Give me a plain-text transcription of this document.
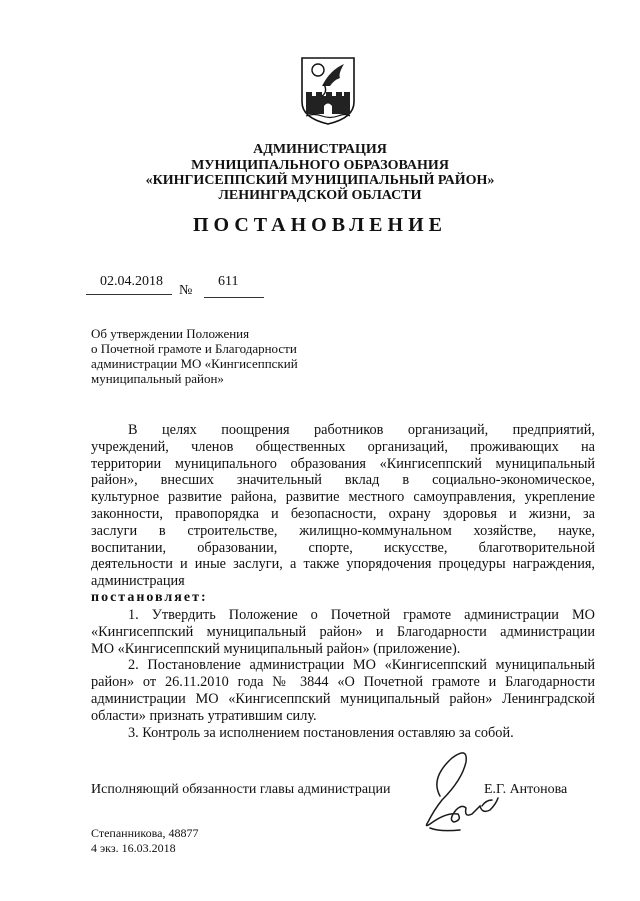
АДМИНИСТРАЦИЯ
МУНИЦИПАЛЬНОГО ОБРАЗОВАНИЯ
«КИНГИСЕППСКИЙ МУНИЦИПАЛЬНЫЙ РАЙОН»
ЛЕНИНГРАДСКОЙ ОБЛАСТИ
ПОСТАНОВЛЕНИЕ
02.04.2018
№
611
Об утверждении Положения
о Почетной грамоте и Благодарности
администрации МО «Кингисеппский
муниципальный район»
В целях поощрения работников организаций, предприятий,
учреждений, членов общественных организаций, проживающих на
территории муниципального образования «Кингисеппский муниципальный
район», внесших значительный вклад в социально-экономическое,
культурное развитие района, развитие местного самоуправления, укрепление
законности, правопорядка и безопасности, охрану здоровья и жизни, за
заслуги в строительстве, жилищно-коммунальном хозяйстве, науке,
воспитании, образовании, спорте, искусстве, благотворительной
деятельности и иные заслуги, а также упорядочения процедуры награждения,
администрация
постановляет:
1. Утвердить Положение о Почетной грамоте администрации МО
«Кингисеппский муниципальный район» и Благодарности администрации
МО «Кингисеппский муниципальный район» (приложение).
2. Постановление администрации МО «Кингисеппский муниципальный
район» от 26.11.2010 года № 3844 «О Почетной грамоте и Благодарности
администрации МО «Кингисеппский муниципальный район» Ленинградской
области» признать утратившим силу.
3. Контроль за исполнением постановления оставляю за собой.
Исполняющий обязанности главы администрации	Е.Г. Антонова
Степанникова, 48877
4 экз. 16.03.2018
